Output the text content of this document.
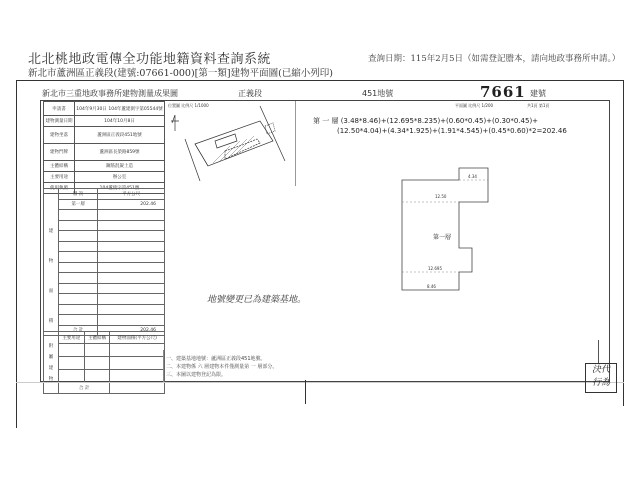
北北桃地政電傳全功能地籍資料查詢系統
新北市蘆洲區正義段(建號:07661-000)[第一類]建物平面圖(已縮小列印)
查詢日期：115年2月5日（如需登記謄本，請向地政事務所申請。）
新北市三重地政事務所建物測量成果圖	正義段	451地號	7661 建號
平面圖 比例尺 1/200	共1頁 第1頁
位置圖 比例尺 1/1000
申請書	104年9月30日 104年蘆建測字第05544號
建物測量日期	104年10月8日
建物坐落	蘆洲區正義段451地號
建物門牌	蘆洲區長榮路859號
主體結構	鋼筋混凝土造
主要用途	辦公室
使用執照	104蘆使字第451號
建
物
面
積	層 次	平方公尺
	第一層	202.46

	合 計	202.46
附
屬
建
物	主要用途	主體結構	建物面積(平方公尺)

	合 計		
第 一 層 (3.48*8.46)+(12.695*8.235)+(0.60*0.45)+(0.30*0.45)+
(12.50*4.04)+(4.34*1.925)+(1.91*4.545)+(0.45*0.60)*2=202.46
12.50
12.695
4.34
8.46
第一層
地號變更已為建築基地。
一、建築基地地號：蘆洲區正義段451地號。
二、本建物係 六 層建物本件僅測量第 一 層部分。
三、本圖以建物登記為限。	決代
行為
